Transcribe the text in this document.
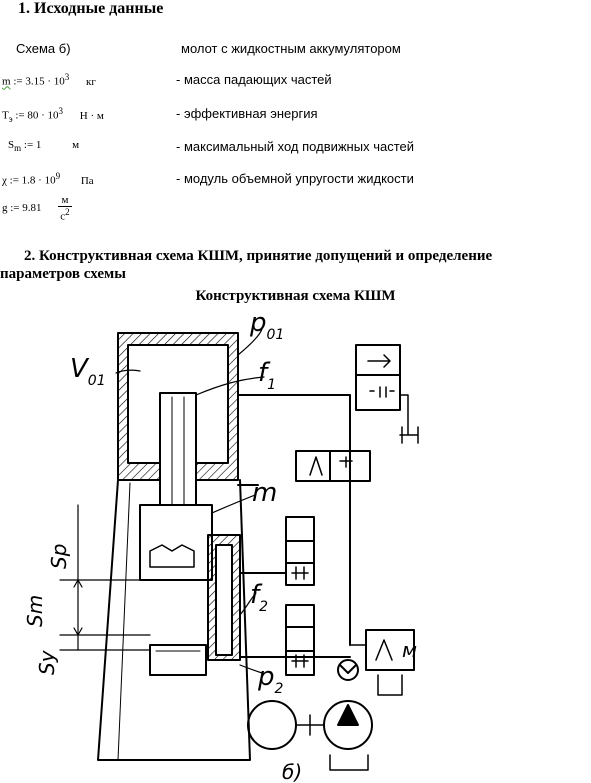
1. Исходные данные
Схема б)	молот с жидкостным аккумулятором
m := $3.15 \cdot 10^3$ кг	- масса падающих частей
$Т_э$ := $80 \cdot 10^3$ Н · м	- эффективная энергия
$S_m$ := 1	м	- максимальный ход подвижных частей
χ := $1.8 \cdot 10^9$ Па	- модуль объемной упругости жидкости
g := $9.81 \frac{м}{с^2}$
2. Конструктивная схема КШМ, принятие допущений и определение
параметров схемы
Конструктивная схема КШМ
$p_{01}$
$V_{01}$	$f_1$
m
$f_2$
$p_2$
м
б)
Sp
Sm
Sy
